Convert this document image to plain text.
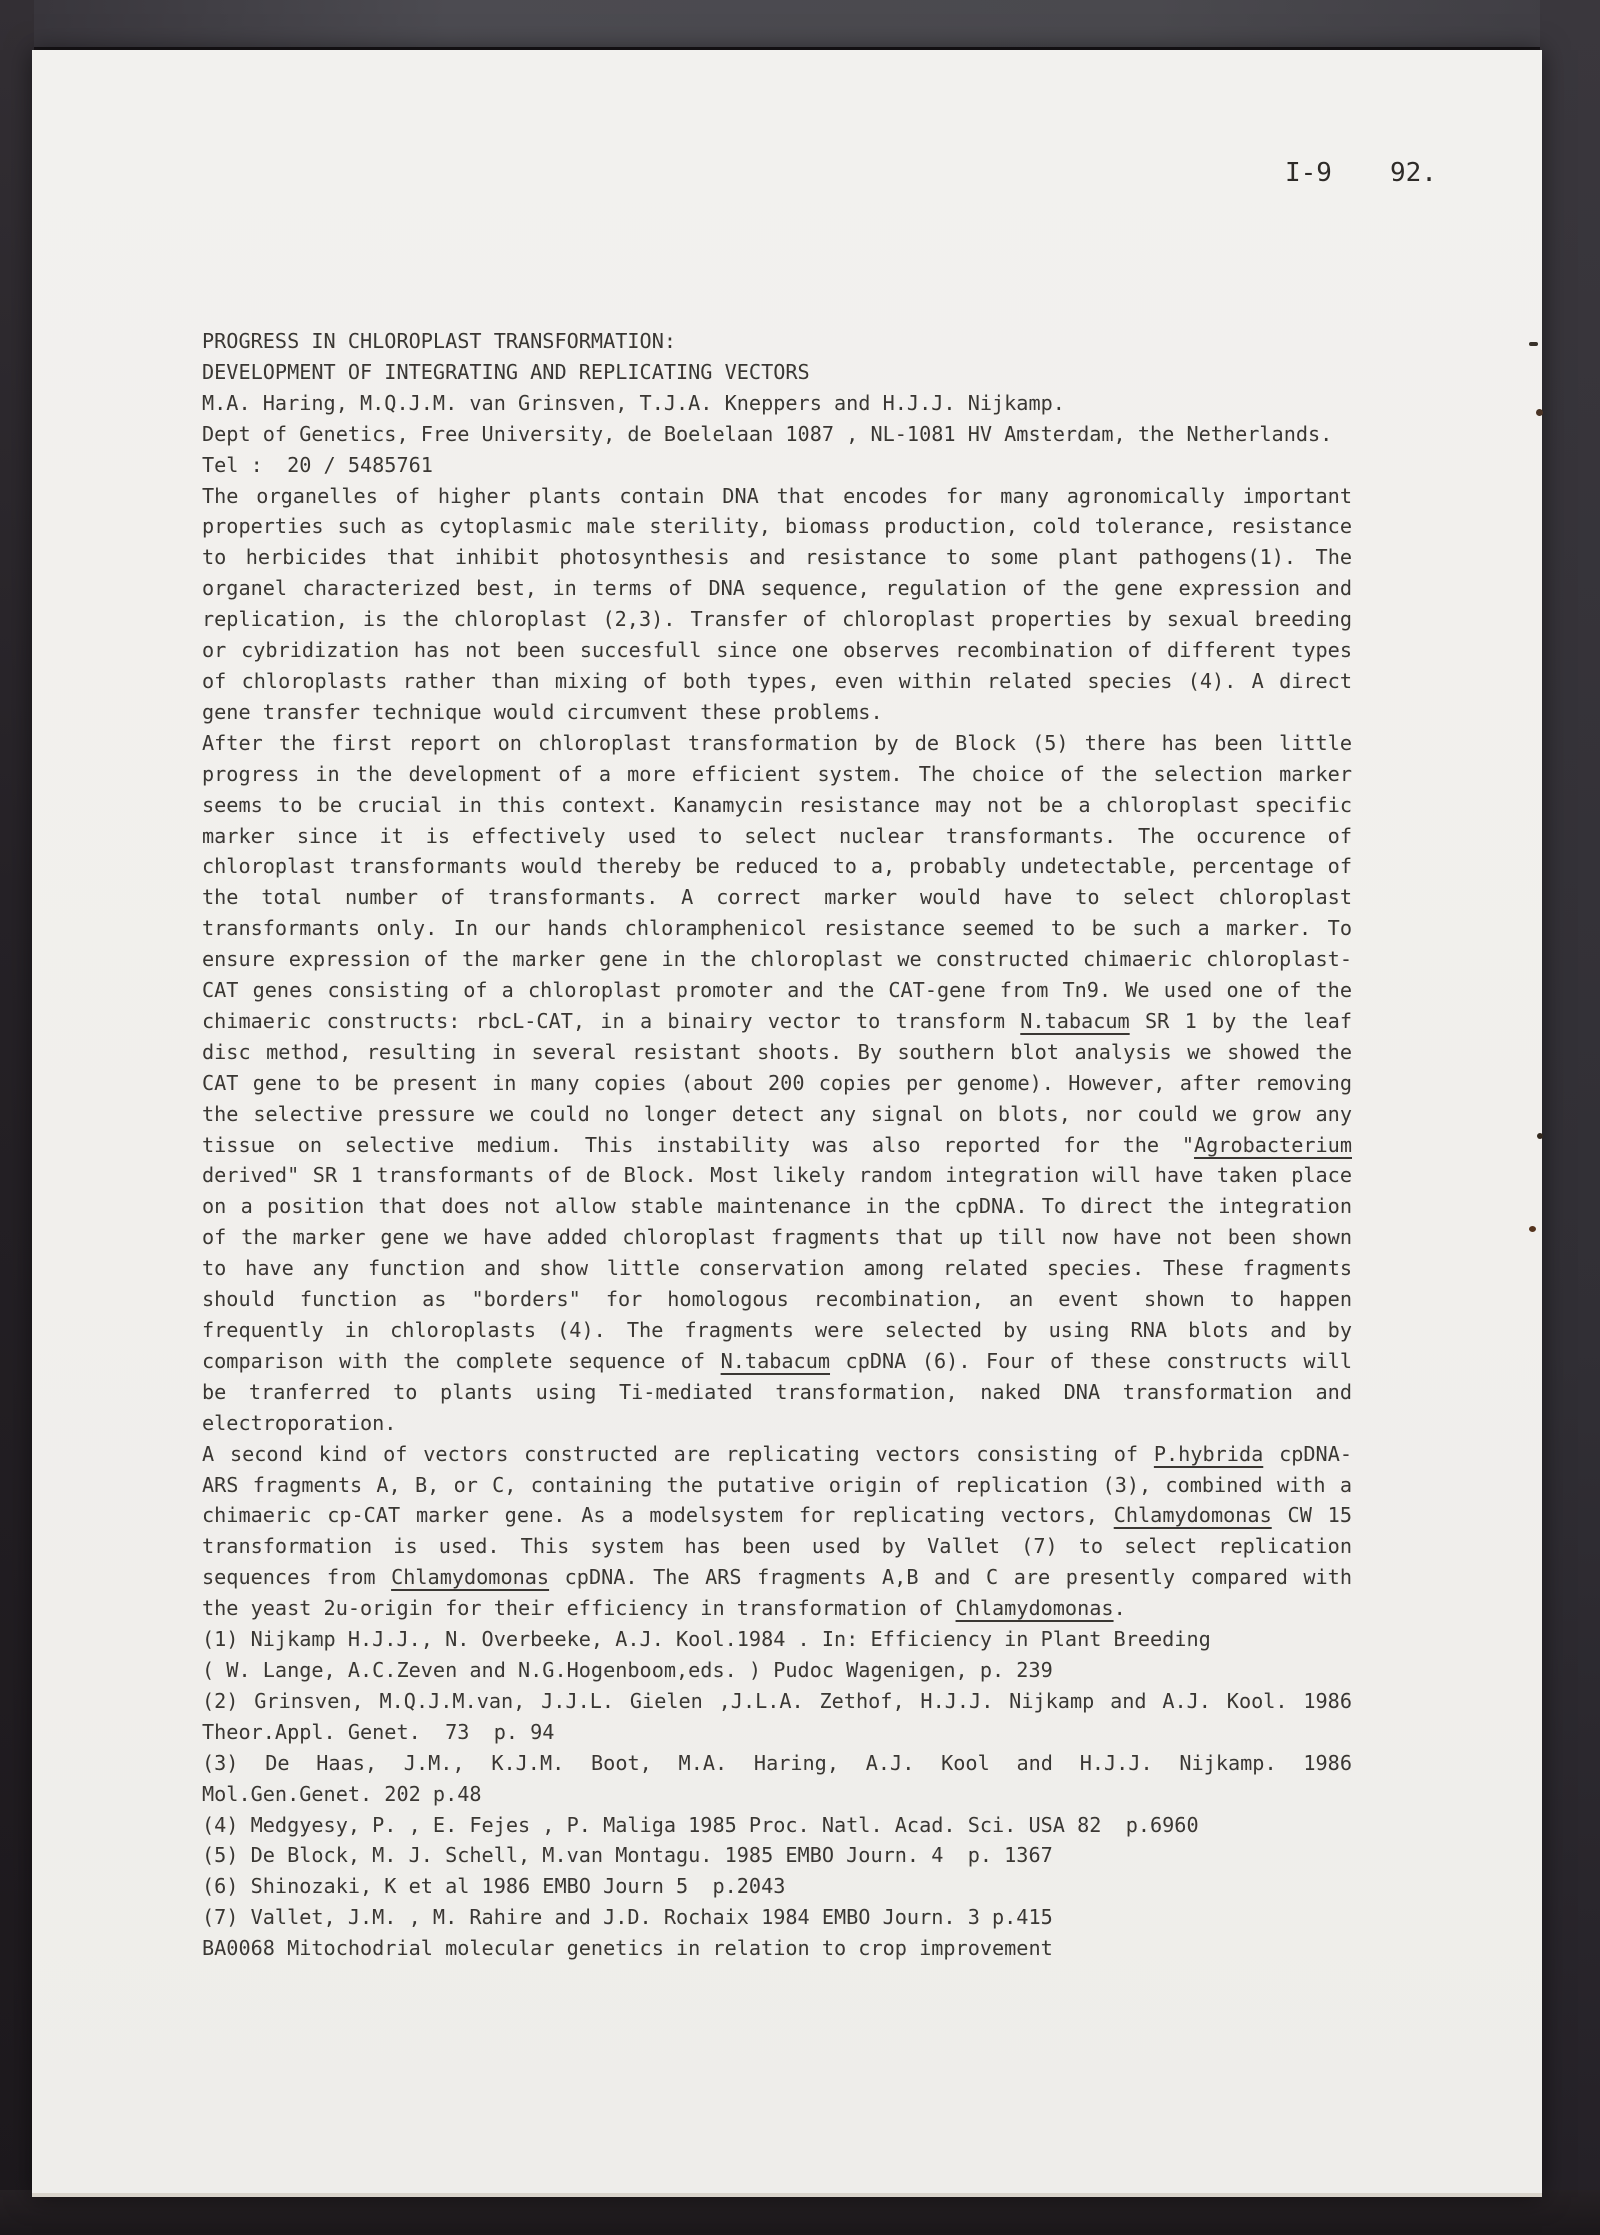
I-9 92.
PROGRESS IN CHLOROPLAST TRANSFORMATION:
DEVELOPMENT OF INTEGRATING AND REPLICATING VECTORS
M.A. Haring, M.Q.J.M. van Grinsven, T.J.A. Kneppers and H.J.J. Nijkamp.
Dept of Genetics, Free University, de Boelelaan 1087 , NL-1081 HV Amsterdam, the Netherlands.
Tel :  20 / 5485761
The organelles of higher plants contain DNA that encodes for many agronomically important
properties such as cytoplasmic male sterility, biomass production, cold tolerance, resistance
to herbicides that inhibit photosynthesis and resistance to some plant pathogens(1). The
organel characterized best, in terms of DNA sequence, regulation of the gene expression and
replication, is the chloroplast (2,3). Transfer of chloroplast properties by sexual breeding
or cybridization has not been succesfull since one observes recombination of different types
of chloroplasts rather than mixing of both types, even within related species (4). A direct
gene transfer technique would circumvent these problems.
After the first report on chloroplast transformation by de Block (5) there has been little
progress in the development of a more efficient system. The choice of the selection marker
seems to be crucial in this context. Kanamycin resistance may not be a chloroplast specific
marker since it is effectively used to select nuclear transformants. The occurence of
chloroplast transformants would thereby be reduced to a, probably undetectable, percentage of
the total number of transformants. A correct marker would have to select chloroplast
transformants only. In our hands chloramphenicol resistance seemed to be such a marker. To
ensure expression of the marker gene in the chloroplast we constructed chimaeric chloroplast-
CAT genes consisting of a chloroplast promoter and the CAT-gene from Tn9. We used one of the
chimaeric constructs: rbcL-CAT, in a binairy vector to transform N.tabacum SR 1 by the leaf
disc method, resulting in several resistant shoots. By southern blot analysis we showed the
CAT gene to be present in many copies (about 200 copies per genome). However, after removing
the selective pressure we could no longer detect any signal on blots, nor could we grow any
tissue on selective medium. This instability was also reported for the "Agrobacterium
derived" SR 1 transformants of de Block. Most likely random integration will have taken place
on a position that does not allow stable maintenance in the cpDNA. To direct the integration
of the marker gene we have added chloroplast fragments that up till now have not been shown
to have any function and show little conservation among related species. These fragments
should function as "borders" for homologous recombination, an event shown to happen
frequently in chloroplasts (4). The fragments were selected by using RNA blots and by
comparison with the complete sequence of N.tabacum cpDNA (6). Four of these constructs will
be tranferred to plants using Ti-mediated transformation, naked DNA transformation and
electroporation.
A second kind of vectors constructed are replicating vectors consisting of P.hybrida cpDNA-
ARS fragments A, B, or C, containing the putative origin of replication (3), combined with a
chimaeric cp-CAT marker gene. As a modelsystem for replicating vectors, Chlamydomonas CW 15
transformation is used. This system has been used by Vallet (7) to select replication
sequences from Chlamydomonas cpDNA. The ARS fragments A,B and C are presently compared with
the yeast 2u-origin for their efficiency in transformation of Chlamydomonas.
(1) Nijkamp H.J.J., N. Overbeeke, A.J. Kool.1984 . In: Efficiency in Plant Breeding
( W. Lange, A.C.Zeven and N.G.Hogenboom,eds. ) Pudoc Wagenigen, p. 239
(2) Grinsven, M.Q.J.M.van, J.J.L. Gielen ,J.L.A. Zethof, H.J.J. Nijkamp and A.J. Kool. 1986
Theor.Appl. Genet.  73  p. 94
(3) De Haas, J.M., K.J.M. Boot, M.A. Haring, A.J. Kool and H.J.J. Nijkamp. 1986
Mol.Gen.Genet. 202 p.48
(4) Medgyesy, P. , E. Fejes , P. Maliga 1985 Proc. Natl. Acad. Sci. USA 82  p.6960
(5) De Block, M. J. Schell, M.van Montagu. 1985 EMBO Journ. 4  p. 1367
(6) Shinozaki, K et al 1986 EMBO Journ 5  p.2043
(7) Vallet, J.M. , M. Rahire and J.D. Rochaix 1984 EMBO Journ. 3 p.415
BA0068 Mitochodrial molecular genetics in relation to crop improvement
